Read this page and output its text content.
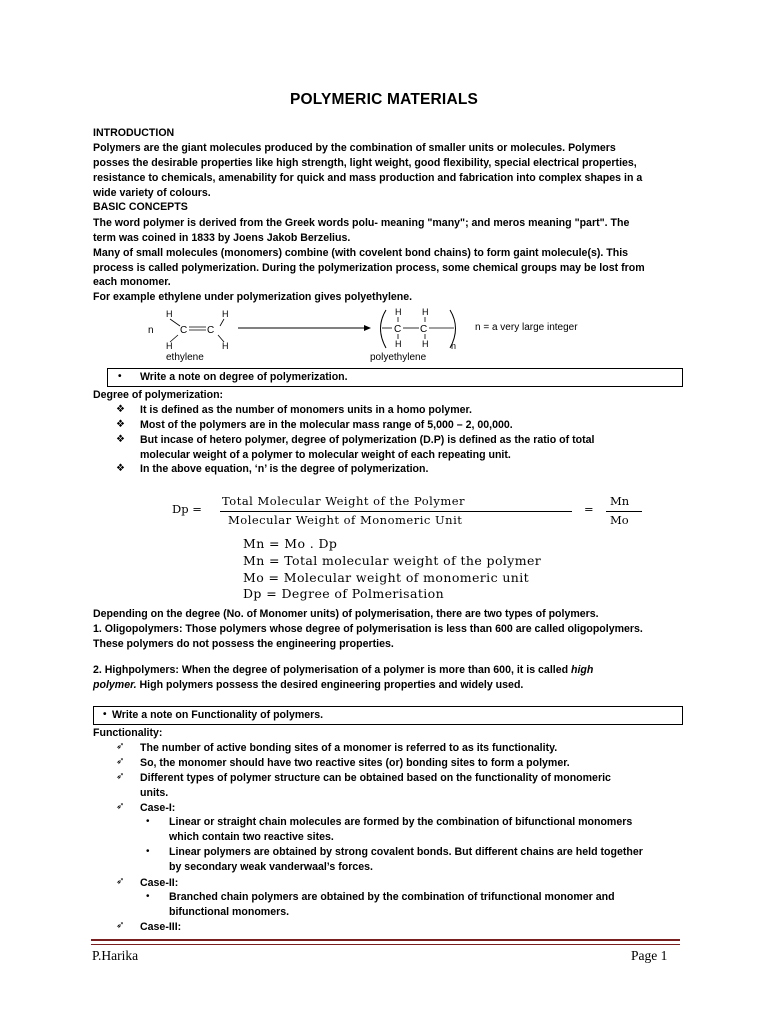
POLYMERIC MATERIALS
INTRODUCTION
Polymers are the giant molecules produced by the combination of smaller units or molecules. Polymers
posses the desirable properties like high strength, light weight, good flexibility, special electrical properties,
resistance to chemicals, amenability for quick and mass production and fabrication into complex shapes in a
wide variety of colours.
BASIC CONCEPTS
The word polymer is derived from the Greek words polu- meaning "many"; and meros meaning "part". The
term was coined in 1833 by Joens Jakob Berzelius.
Many of small molecules (monomers) combine (with covelent bond chains) to form gaint molecule(s). This
process is called polymerization. During the polymerization process, some chemical groups may be lost from
each monomer.
For example ethylene under polymerization gives polyethylene.
n
H	H
C C
H	H
ethylene
H H
C C
H H	n
polyethylene
n = a very large integer
• Write a note on degree of polymerization.
Degree of polymerization:
❖ It is defined as the number of monomers units in a homo polymer.
❖ Most of the polymers are in the molecular mass range of 5,000 – 2, 00,000.
❖ But incase of hetero polymer, degree of polymerization (D.P) is defined as the ratio of total
molecular weight of a polymer to molecular weight of each repeating unit.
❖ In the above equation, ‘n’ is the degree of polymerization.
Dp =
Total Molecular Weight of the Polymer
Molecular Weight of Monomeric Unit
=
Mn
Mo
Mn = Mo . Dp
Mn = Total molecular weight of the polymer
Mo = Molecular weight of monomeric unit
Dp = Degree of Polmerisation
Depending on the degree (No. of Monomer units) of polymerisation, there are two types of polymers.
1. Oligopolymers: Those polymers whose degree of polymerisation is less than 600 are called oligopolymers.
These polymers do not possess the engineering properties.
2. Highpolymers: When the degree of polymerisation of a polymer is more than 600, it is called high
polymer. High polymers possess the desired engineering properties and widely used.
• Write a note on Functionality of polymers.
Functionality:
➶ The number of active bonding sites of a monomer is referred to as its functionality.
➶ So, the monomer should have two reactive sites (or) bonding sites to form a polymer.
➶ Different types of polymer structure can be obtained based on the functionality of monomeric
units.
➶ Case-I:
• Linear or straight chain molecules are formed by the combination of bifunctional monomers
which contain two reactive sites.
• Linear polymers are obtained by strong covalent bonds. But different chains are held together
by secondary weak vanderwaal’s forces.
➶ Case-II:
• Branched chain polymers are obtained by the combination of trifunctional monomer and
bifunctional monomers.
➶ Case-III:
P.Harika	Page 1
